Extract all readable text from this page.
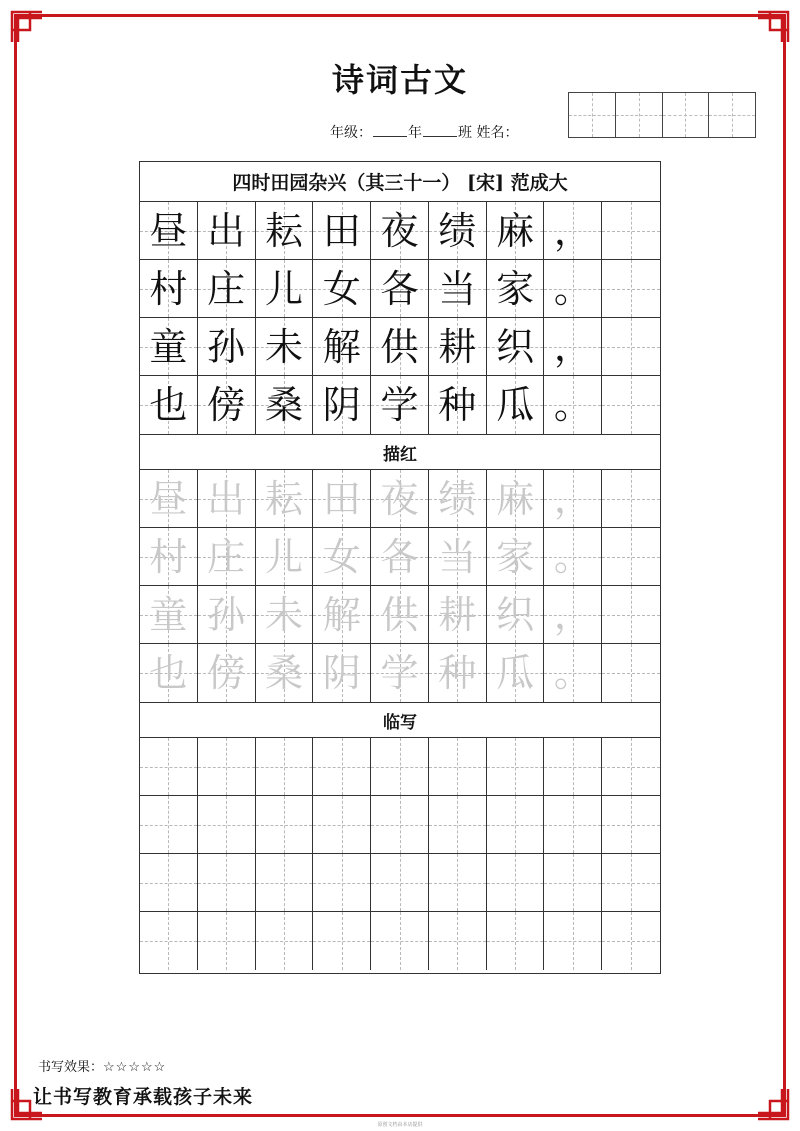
诗词古文
年级：	年	班 姓名：
四时田园杂兴（其三十一） [宋] 范成大
昼 出 耘 田 夜 绩 麻 ，
村 庄 儿 女 各 当 家 。
童 孙 未 解 供 耕 织 ，
也 傍 桑 阴 学 种 瓜 。
描红
昼 出 耘 田 夜 绩 麻 ，
村 庄 儿 女 各 当 家 。
童 孙 未 解 供 耕 织 ，
也 傍 桑 阴 学 种 瓜 。
临写
书写效果：☆☆☆☆☆
让书写教育承载孩子未来
原创文档由本店提供
